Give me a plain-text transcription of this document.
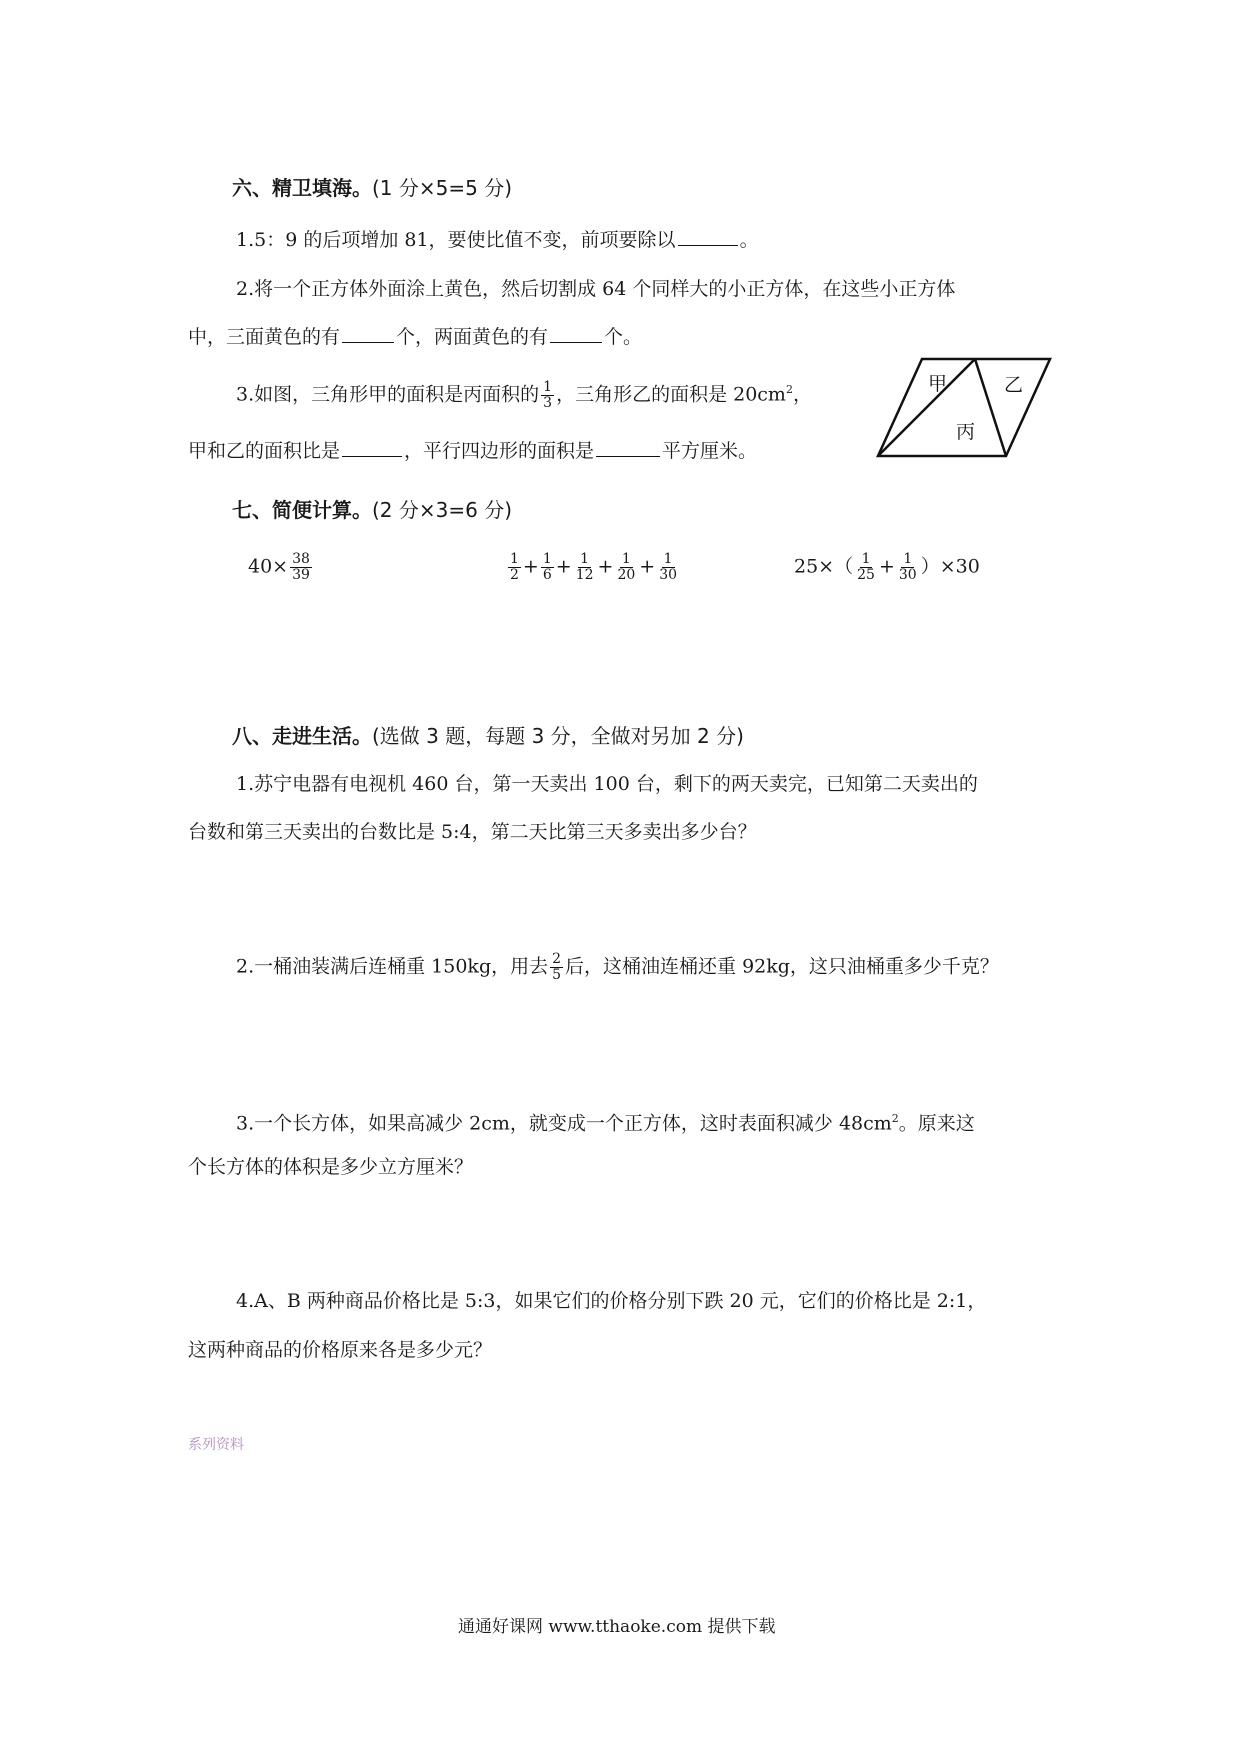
六、精卫填海。(1 分×5=5 分)
1.5：9 的后项增加 81，要使比值不变，前项要除以	。
2.将一个正方体外面涂上黄色，然后切割成 64 个同样大的小正方体，在这些小正方体
中，三面黄色的有	个，两面黄色的有	个。
3.如图，三角形甲的面积是丙面积的 $\frac{1}{3}$ ，三角形乙的面积是 $20cm^2$，
甲和乙的面积比是	，平行四边形的面积是	平方厘米。
甲	乙
丙
七、简便计算。(2 分×3=6 分)
$40\times \frac{38}{39}$	$\frac{1}{2} + \frac{1}{6} + \frac{1}{12} + \frac{1}{20} + \frac{1}{30}$	$25\times( \frac{1}{25} + \frac{1}{30} )\times 30$
八、走进生活。(选做 3 题，每题 3 分，全做对另加 2 分)
1.苏宁电器有电视机 460 台，第一天卖出 100 台，剩下的两天卖完，已知第二天卖出的
台数和第三天卖出的台数比是 5:4，第二天比第三天多卖出多少台？
2.一桶油装满后连桶重 150kg，用去 $\frac{2}{5}$ 后，这桶油连桶还重 92kg，这只油桶重多少千克？
3.一个长方体，如果高减少 2cm，就变成一个正方体，这时表面积减少 $48cm^2$。原来这
个长方体的体积是多少立方厘米？
4.A、B 两种商品价格比是 5:3，如果它们的价格分别下跌 20 元，它们的价格比是 2:1，
这两种商品的价格原来各是多少元？
系列资料
通通好课网 www.tthaoke.com 提供下载
